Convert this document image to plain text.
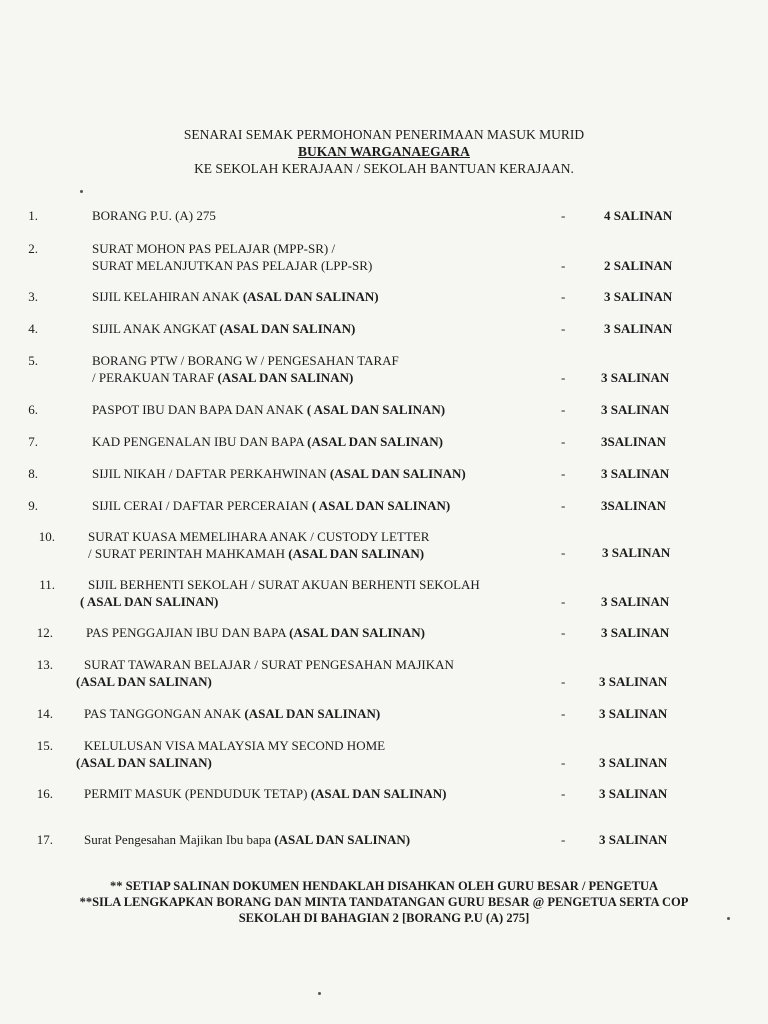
SENARAI SEMAK PERMOHONAN PENERIMAAN MASUK MURID
BUKAN WARGANAEGARA
KE SEKOLAH KERAJAAN / SEKOLAH BANTUAN KERAJAAN.
1.	BORANG P.U. (A) 275	-	4 SALINAN
2.	SURAT MOHON PAS PELAJAR (MPP-SR) /
SURAT MELANJUTKAN PAS PELAJAR (LPP-SR)	-	2 SALINAN
3.	SIJIL KELAHIRAN ANAK (ASAL DAN SALINAN)	-	3 SALINAN
4.	SIJIL ANAK ANGKAT (ASAL DAN SALINAN)	-	3 SALINAN
5.	BORANG PTW / BORANG W / PENGESAHAN TARAF
/ PERAKUAN TARAF (ASAL DAN SALINAN)	-	3 SALINAN
6.	PASPOT IBU DAN BAPA DAN ANAK ( ASAL DAN SALINAN)	-	3 SALINAN
7.	KAD PENGENALAN IBU DAN BAPA (ASAL DAN SALINAN)	-	3SALINAN
8.	SIJIL NIKAH / DAFTAR PERKAHWINAN (ASAL DAN SALINAN)	-	3 SALINAN
9.	SIJIL CERAI / DAFTAR PERCERAIAN ( ASAL DAN SALINAN)	-	3SALINAN
10.	SURAT KUASA MEMELIHARA ANAK / CUSTODY LETTER
/ SURAT PERINTAH MAHKAMAH (ASAL DAN SALINAN)	-	3 SALINAN
11.	SIJIL BERHENTI SEKOLAH / SURAT AKUAN BERHENTI SEKOLAH
( ASAL DAN SALINAN)	-	3 SALINAN
12.	PAS PENGGAJIAN IBU DAN BAPA (ASAL DAN SALINAN)	-	3 SALINAN
13. SURAT TAWARAN BELAJAR / SURAT PENGESAHAN MAJIKAN
(ASAL DAN SALINAN)	-	3 SALINAN
14. PAS TANGGONGAN ANAK (ASAL DAN SALINAN)	-	3 SALINAN
15. KELULUSAN VISA MALAYSIA MY SECOND HOME
(ASAL DAN SALINAN)	-	3 SALINAN
16. PERMIT MASUK (PENDUDUK TETAP) (ASAL DAN SALINAN)	-	3 SALINAN
17. Surat Pengesahan Majikan Ibu bapa (ASAL DAN SALINAN)	-	3 SALINAN
** SETIAP SALINAN DOKUMEN HENDAKLAH DISAHKAN OLEH GURU BESAR / PENGETUA
**SILA LENGKAPKAN BORANG DAN MINTA TANDATANGAN GURU BESAR @ PENGETUA SERTA COP
SEKOLAH DI BAHAGIAN 2 [BORANG P.U (A) 275]
